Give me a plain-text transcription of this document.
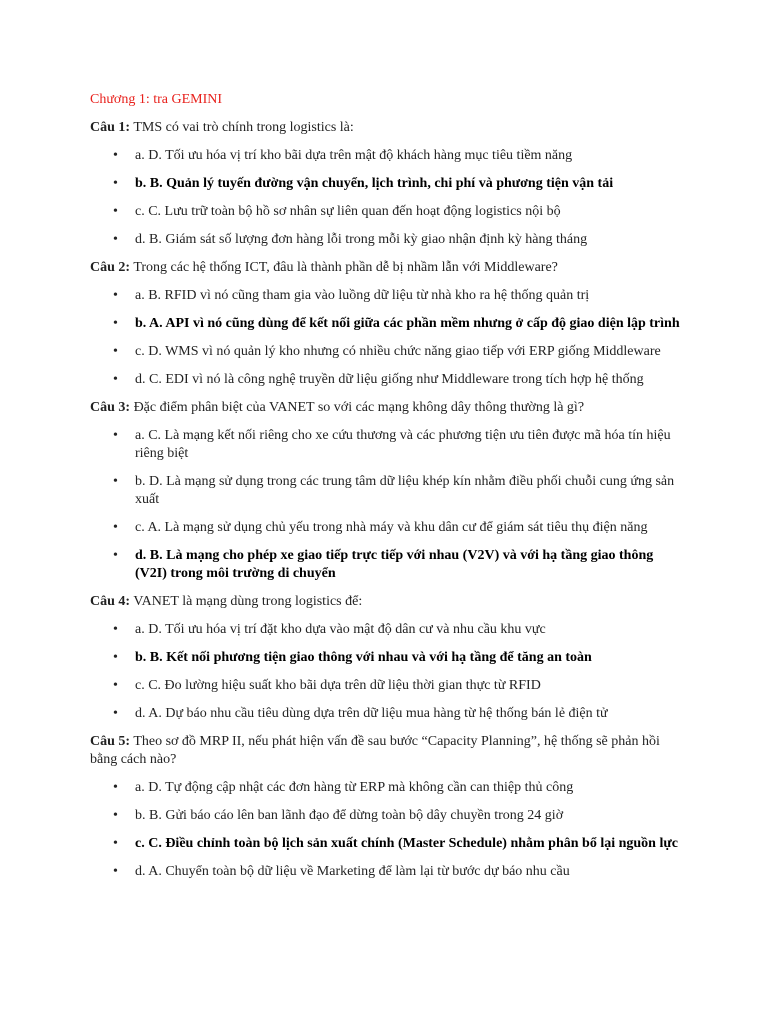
Chương 1: tra GEMINI
Câu 1: TMS có vai trò chính trong logistics là:
• a. D. Tối ưu hóa vị trí kho bãi dựa trên mật độ khách hàng mục tiêu tiềm năng
• b. B. Quản lý tuyến đường vận chuyển, lịch trình, chi phí và phương tiện vận tải
• c. C. Lưu trữ toàn bộ hồ sơ nhân sự liên quan đến hoạt động logistics nội bộ
• d. B. Giám sát số lượng đơn hàng lỗi trong mỗi kỳ giao nhận định kỳ hàng tháng
Câu 2: Trong các hệ thống ICT, đâu là thành phần dễ bị nhầm lẫn với Middleware?
• a. B. RFID vì nó cũng tham gia vào luồng dữ liệu từ nhà kho ra hệ thống quản trị
• b. A. API vì nó cũng dùng để kết nối giữa các phần mềm nhưng ở cấp độ giao diện lập trình
• c. D. WMS vì nó quản lý kho nhưng có nhiều chức năng giao tiếp với ERP giống Middleware
• d. C. EDI vì nó là công nghệ truyền dữ liệu giống như Middleware trong tích hợp hệ thống
Câu 3: Đặc điểm phân biệt của VANET so với các mạng không dây thông thường là gì?
• a. C. Là mạng kết nối riêng cho xe cứu thương và các phương tiện ưu tiên được mã hóa tín hiệu riêng biệt
• b. D. Là mạng sử dụng trong các trung tâm dữ liệu khép kín nhằm điều phối chuỗi cung ứng sản xuất
• c. A. Là mạng sử dụng chủ yếu trong nhà máy và khu dân cư để giám sát tiêu thụ điện năng
• d. B. Là mạng cho phép xe giao tiếp trực tiếp với nhau (V2V) và với hạ tầng giao thông (V2I) trong môi trường di chuyển
Câu 4: VANET là mạng dùng trong logistics để:
• a. D. Tối ưu hóa vị trí đặt kho dựa vào mật độ dân cư và nhu cầu khu vực
• b. B. Kết nối phương tiện giao thông với nhau và với hạ tầng để tăng an toàn
• c. C. Đo lường hiệu suất kho bãi dựa trên dữ liệu thời gian thực từ RFID
• d. A. Dự báo nhu cầu tiêu dùng dựa trên dữ liệu mua hàng từ hệ thống bán lẻ điện tử
Câu 5: Theo sơ đồ MRP II, nếu phát hiện vấn đề sau bước “Capacity Planning”, hệ thống sẽ phản hồi bằng cách nào?
• a. D. Tự động cập nhật các đơn hàng từ ERP mà không cần can thiệp thủ công
• b. B. Gửi báo cáo lên ban lãnh đạo để dừng toàn bộ dây chuyền trong 24 giờ
• c. C. Điều chỉnh toàn bộ lịch sản xuất chính (Master Schedule) nhằm phân bổ lại nguồn lực
• d. A. Chuyển toàn bộ dữ liệu về Marketing để làm lại từ bước dự báo nhu cầu
